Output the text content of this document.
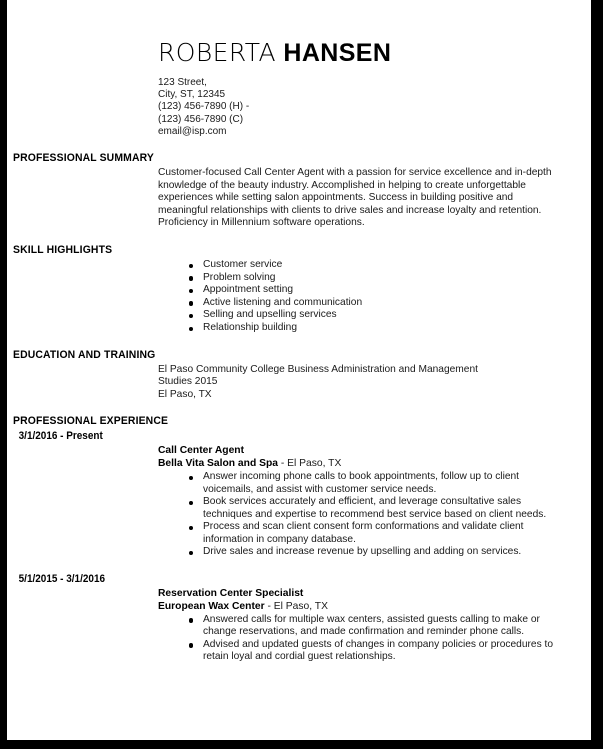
ROBERTA HANSEN
123 Street,
City, ST, 12345
(123) 456-7890 (H) -
(123) 456-7890 (C)
email@isp.com
PROFESSIONAL SUMMARY
Customer-focused Call Center Agent with a passion for service excellence and in-depth knowledge of the beauty industry. Accomplished in helping to create unforgettable experiences while setting salon appointments. Success in building positive and meaningful relationships with clients to drive sales and increase loyalty and retention. Proficiency in Millennium software operations.
SKILL HIGHLIGHTS
Customer service
Problem solving
Appointment setting
Active listening and communication
Selling and upselling services
Relationship building
EDUCATION AND TRAINING
El Paso Community College Business Administration and Management
Studies 2015
El Paso, TX
PROFESSIONAL EXPERIENCE
3/1/2016 - Present
Call Center Agent
Bella Vita Salon and Spa - El Paso, TX
Answer incoming phone calls to book appointments, follow up to client voicemails, and assist with customer service needs.
Book services accurately and efficient, and leverage consultative sales techniques and expertise to recommend best service based on client needs.
Process and scan client consent form conformations and validate client information in company database.
Drive sales and increase revenue by upselling and adding on services.
5/1/2015 - 3/1/2016
Reservation Center Specialist
European Wax Center - El Paso, TX
Answered calls for multiple wax centers, assisted guests calling to make or change reservations, and made confirmation and reminder phone calls.
Advised and updated guests of changes in company policies or procedures to retain loyal and cordial guest relationships.
